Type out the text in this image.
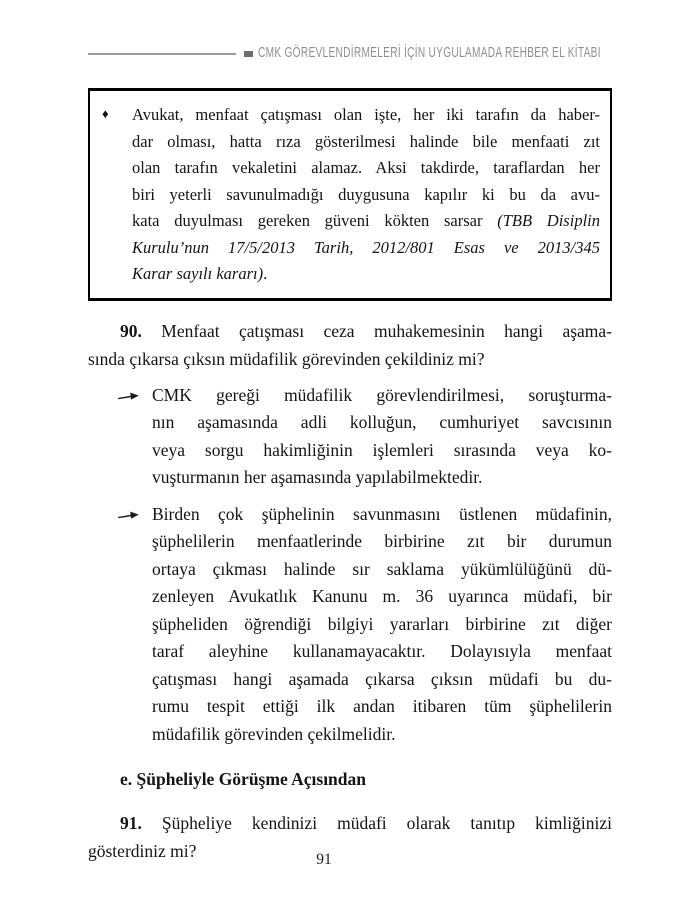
CMK GÖREVLENDİRMELERİ İÇİN UYGULAMADA REHBER EL KİTABI
♦	Avukat, menfaat çatışması olan işte, her iki tarafın da haber-
dar olması, hatta rıza gösterilmesi halinde bile menfaati zıt
olan tarafın vekaletini alamaz. Aksi takdirde, taraflardan her
biri yeterli savunulmadığı duygusuna kapılır ki bu da avu-
kata duyulması gereken güveni kökten sarsar (TBB Disiplin
Kurulu’nun 17/5/2013 Tarih, 2012/801 Esas ve 2013/345
Karar sayılı kararı).
90. Menfaat çatışması ceza muhakemesinin hangi aşama-
sında çıkarsa çıksın müdafilik görevinden çekildiniz mi?
CMK gereği müdafilik görevlendirilmesi, soruşturma-
nın aşamasında adli kolluğun, cumhuriyet savcısının
veya sorgu hakimliğinin işlemleri sırasında veya ko-
vuşturmanın her aşamasında yapılabilmektedir.
Birden çok şüphelinin savunmasını üstlenen müdafinin,
şüphelilerin menfaatlerinde birbirine zıt bir durumun
ortaya çıkması halinde sır saklama yükümlülüğünü dü-
zenleyen Avukatlık Kanunu m. 36 uyarınca müdafi, bir
şüpheliden öğrendiği bilgiyi yararları birbirine zıt diğer
taraf aleyhine kullanamayacaktır. Dolayısıyla menfaat
çatışması hangi aşamada çıkarsa çıksın müdafi bu du-
rumu tespit ettiği ilk andan itibaren tüm şüphelilerin
müdafilik görevinden çekilmelidir.
e. Şüpheliyle Görüşme Açısından
91. Şüpheliye kendinizi müdafi olarak tanıtıp kimliğinizi
gösterdiniz mi?	91
